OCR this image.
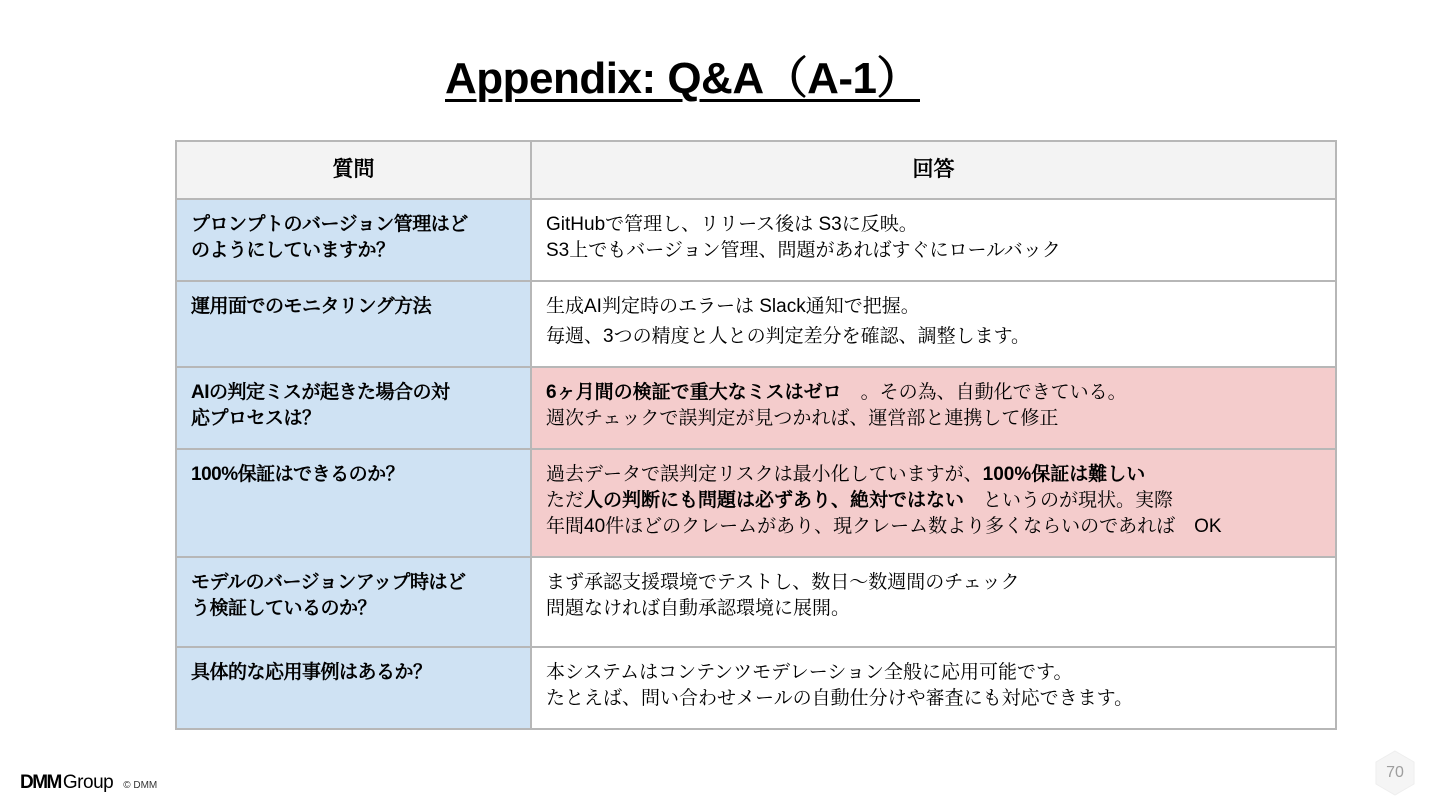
Appendix: Q&A（A-1）
質問	回答

プロンプトのバージョン管理はど
のようにしていますか？	GitHubで管理し、リリース後は S3に反映。
S3上でもバージョン管理、問題があればすぐにロールバック

運用面でのモニタリング方法	生成AI判定時のエラーは Slack通知で把握。
毎週、3つの精度と人との判定差分を確認、調整します。

AIの判定ミスが起きた場合の対
応プロセスは？	6ヶ月間の検証で重大なミスはゼロ　。その為、自動化できている。
週次チェックで誤判定が見つかれば、運営部と連携して修正

100%保証はできるのか？	過去データで誤判定リスクは最小化していますが、100%保証は難しい
ただ人の判断にも問題は必ずあり、絶対ではない　というのが現状。実際
年間40件ほどのクレームがあり、現クレーム数より多くならいのであれば　OK

モデルのバージョンアップ時はど
う検証しているのか？	まず承認支援環境でテストし、数日〜数週間のチェック
問題なければ自動承認環境に展開。

具体的な応用事例はあるか？	本システムはコンテンツモデレーション全般に応用可能です。
たとえば、問い合わせメールの自動仕分けや審査にも対応できます。
DMM Group © DMM
70
